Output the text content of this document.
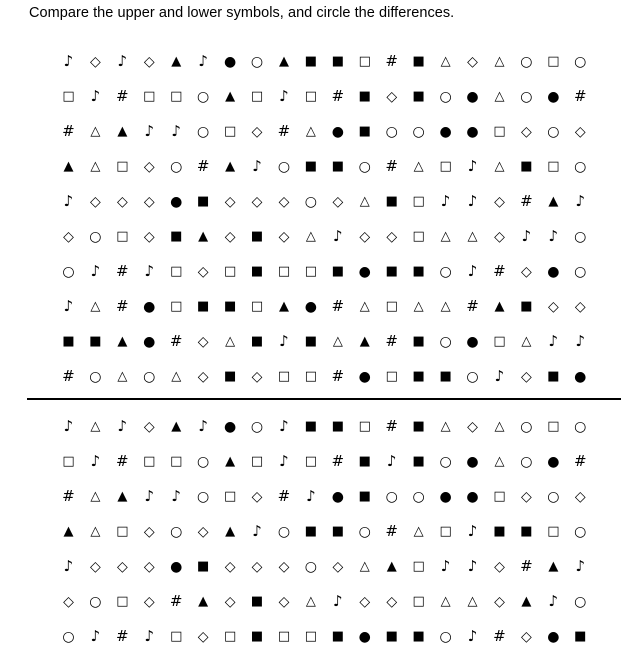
Compare the upper and lower symbols, and circle the differences.
♪	◇	♪	◇	▲	♪	●	○	▲	■	■	□ #	■	△	◇	△	○	□	○
□	♪	#	□	□	○	▲	□	♪	□ #	■	◇	■	○	●	△	○	● #
#	△	▲	♪	♪	○	□	◇	#	△	●	■	○	○	●	●	□	◇	○	◇
▲	△	□	◇	○ #	▲	♪	○	■	■	○ #	△	□	♪	△	■	□	○
♪	◇	◇	◇	●	■	◇	◇	◇	○	◇	△	■	□	♪	♪	◇	#	▲	♪
◇	○	□	◇	■	▲	◇	■	◇	△	♪	◇	◇	□	△	△	◇	♪	♪	○
○	♪	#	♪	□	◇	□	■	□	□	■	●	■	■	○	♪	#	◇	●	○
♪	△	#	●	□	■	■	□	▲	● #	△	□	△	△	#	▲	■	◇	◇
■	■	▲	● #	◇	△	■	♪	■	△	▲	#	■	○	●	□	△	♪	♪
#	○	△	○	△	◇	■	◇	□	□ #	●	□	■	■	○	♪	◇	■	●
♪	△	♪	◇	▲	♪	●	○	♪	■	■	□ #	■	△	◇	△	○	□	○
□	♪	#	□	□	○	▲	□	♪	□ #	■	♪	■	○	●	△	○	● #
#	△	▲	♪	♪	○	□	◇	#	♪	●	■	○	○	●	●	□	◇	○	◇
▲	△	□	◇	○	◇	▲	♪	○	■	■	○ #	△	□	♪	■	■	□	○
♪	◇	◇	◇	●	■	◇	◇	◇	○	◇	△	▲	□	♪	♪	◇	#	▲	♪
◇	○	□	◇	#	▲	◇	■	◇	△	♪	◇	◇	□	△	△	◇	▲	♪	○
○	♪	#	♪	□	◇	□	■	□	□	■	●	■	■	○	♪	#	◇	●	■
